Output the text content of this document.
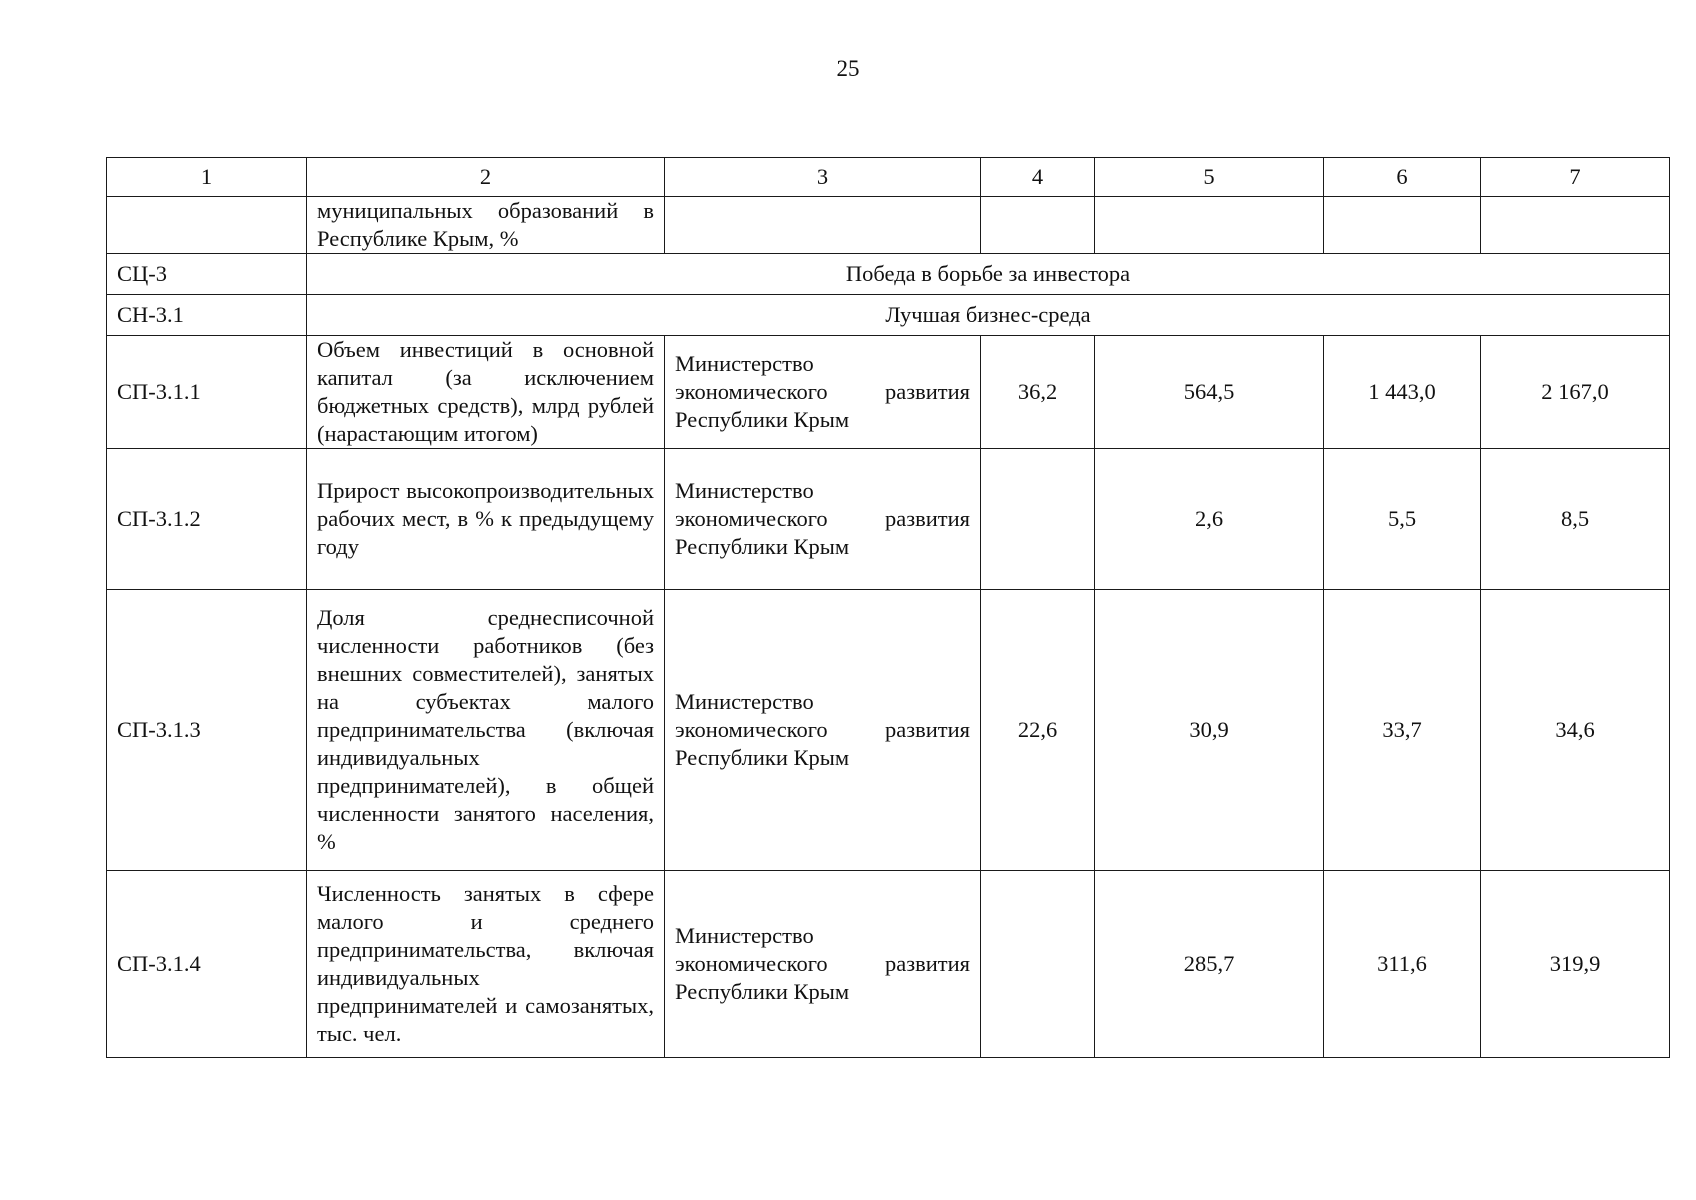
25
1	2	3	4	5	6	7
	муниципальных образований в Республике Крым, %					
СЦ-3	Победа в борьбе за инвестора					
СН-3.1	Лучшая бизнес-среда					
СП-3.1.1	Объем инвестиций в основной капитал (за исключением бюджетных средств), млрд рублей (нарастающим итогом)	Министерство экономического развития Республики Крым	36,2	564,5	1 443,0	2 167,0
СП-3.1.2	Прирост высокопроизводительных рабочих мест, в % к предыдущему году	Министерство экономического развития Республики Крым		2,6	5,5	8,5
СП-3.1.3	Доля среднесписочной численности работников (без внешних совместителей), занятых на субъектах малого предпринимательства (включая индивидуальных предпринимателей), в общей численности занятого населения, %	Министерство экономического развития Республики Крым	22,6	30,9	33,7	34,6
СП-3.1.4	Численность занятых в сфере малого и среднего предпринимательства, включая индивидуальных предпринимателей и самозанятых, тыс. чел.	Министерство экономического развития Республики Крым		285,7	311,6	319,9
